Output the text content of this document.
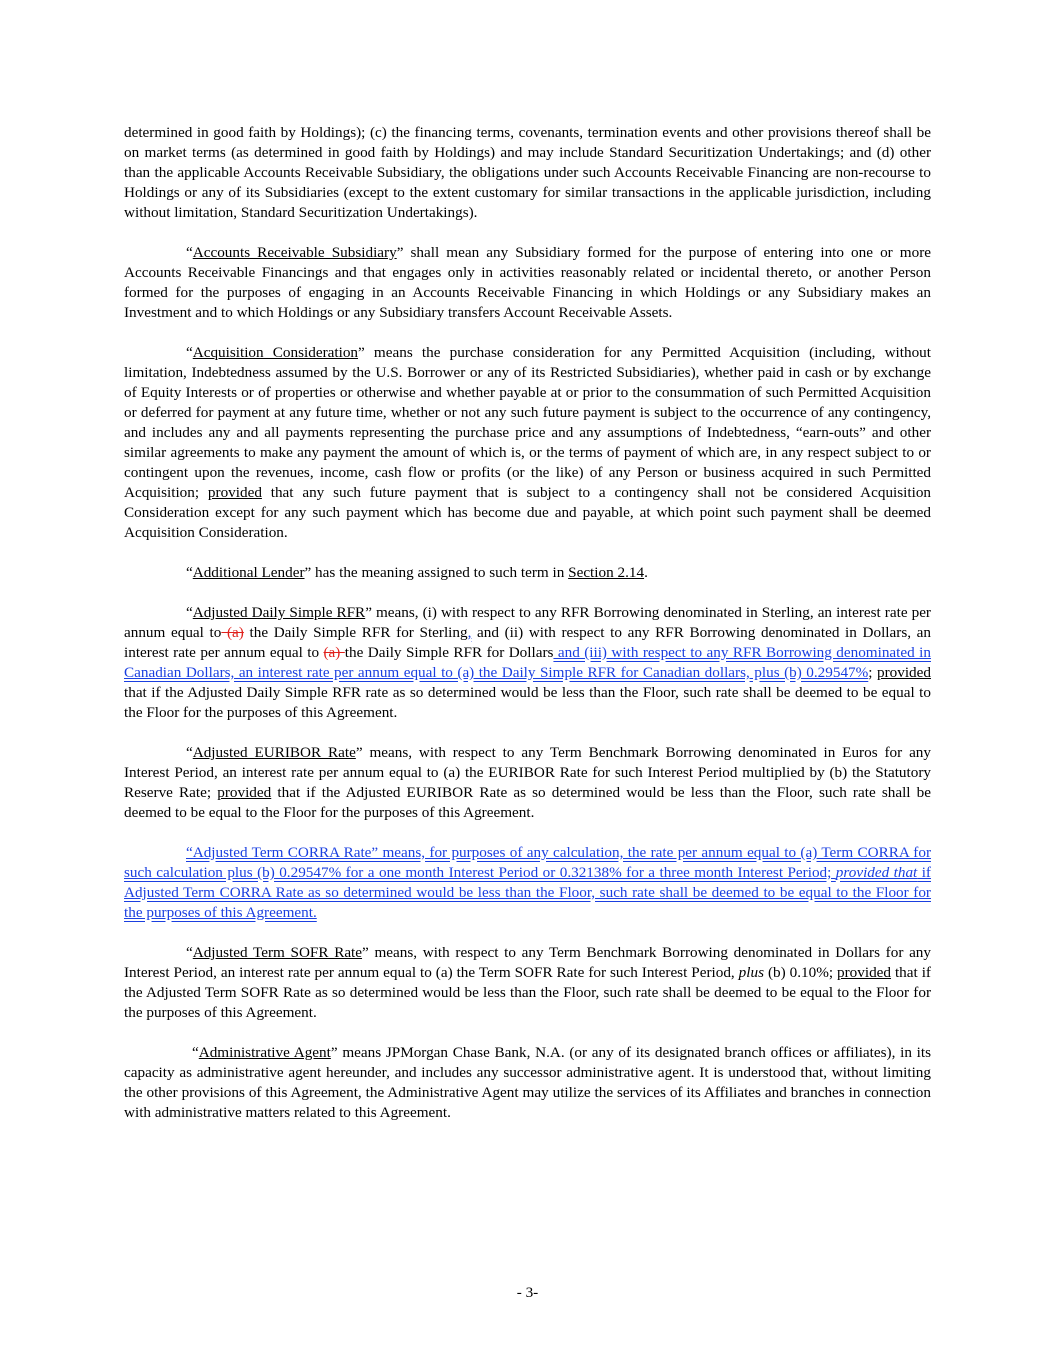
determined in good faith by Holdings); (c) the financing terms, covenants, termination events and other provisions thereof shall be on market terms (as determined in good faith by Holdings) and may include Standard Securitization Undertakings; and (d) other than the applicable Accounts Receivable Subsidiary, the obligations under such Accounts Receivable Financing are non-recourse to Holdings or any of its Subsidiaries (except to the extent customary for similar transactions in the applicable jurisdiction, including without limitation, Standard Securitization Undertakings).

“Accounts Receivable Subsidiary” shall mean any Subsidiary formed for the purpose of entering into one or more Accounts Receivable Financings and that engages only in activities reasonably related or incidental thereto, or another Person formed for the purposes of engaging in an Accounts Receivable Financing in which Holdings or any Subsidiary makes an Investment and to which Holdings or any Subsidiary transfers Account Receivable Assets.

“Acquisition Consideration” means the purchase consideration for any Permitted Acquisition (including, without limitation, Indebtedness assumed by the U.S. Borrower or any of its Restricted Subsidiaries), whether paid in cash or by exchange of Equity Interests or of properties or otherwise and whether payable at or prior to the consummation of such Permitted Acquisition or deferred for payment at any future time, whether or not any such future payment is subject to the occurrence of any contingency, and includes any and all payments representing the purchase price and any assumptions of Indebtedness, “earn-outs” and other similar agreements to make any payment the amount of which is, or the terms of payment of which are, in any respect subject to or contingent upon the revenues, income, cash flow or profits (or the like) of any Person or business acquired in such Permitted Acquisition; provided that any such future payment that is subject to a contingency shall not be considered Acquisition Consideration except for any such payment which has become due and payable, at which point such payment shall be deemed Acquisition Consideration.

“Additional Lender” has the meaning assigned to such term in Section 2.14.

“Adjusted Daily Simple RFR” means, (i) with respect to any RFR Borrowing denominated in Sterling, an interest rate per annum equal to (a) the Daily Simple RFR for Sterling, and (ii) with respect to any RFR Borrowing denominated in Dollars, an interest rate per annum equal to (a) the Daily Simple RFR for Dollars and (iii) with respect to any RFR Borrowing denominated in Canadian Dollars, an interest rate per annum equal to (a) the Daily Simple RFR for Canadian dollars, plus (b) 0.29547%; provided that if the Adjusted Daily Simple RFR rate as so determined would be less than the Floor, such rate shall be deemed to be equal to the Floor for the purposes of this Agreement.

“Adjusted EURIBOR Rate” means, with respect to any Term Benchmark Borrowing denominated in Euros for any Interest Period, an interest rate per annum equal to (a) the EURIBOR Rate for such Interest Period multiplied by (b) the Statutory Reserve Rate; provided that if the Adjusted EURIBOR Rate as so determined would be less than the Floor, such rate shall be deemed to be equal to the Floor for the purposes of this Agreement.

“Adjusted Term CORRA Rate” means, for purposes of any calculation, the rate per annum equal to (a) Term CORRA for such calculation plus (b) 0.29547% for a one month Interest Period or 0.32138% for a three month Interest Period; provided that if Adjusted Term CORRA Rate as so determined would be less than the Floor, such rate shall be deemed to be equal to the Floor for the purposes of this Agreement.

“Adjusted Term SOFR Rate” means, with respect to any Term Benchmark Borrowing denominated in Dollars for any Interest Period, an interest rate per annum equal to (a) the Term SOFR Rate for such Interest Period, plus (b) 0.10%; provided that if the Adjusted Term SOFR Rate as so determined would be less than the Floor, such rate shall be deemed to be equal to the Floor for the purposes of this Agreement.

“Administrative Agent” means JPMorgan Chase Bank, N.A. (or any of its designated branch offices or affiliates), in its capacity as administrative agent hereunder, and includes any successor administrative agent. It is understood that, without limiting the other provisions of this Agreement, the Administrative Agent may utilize the services of its Affiliates and branches in connection with administrative matters related to this Agreement.

- 3-
